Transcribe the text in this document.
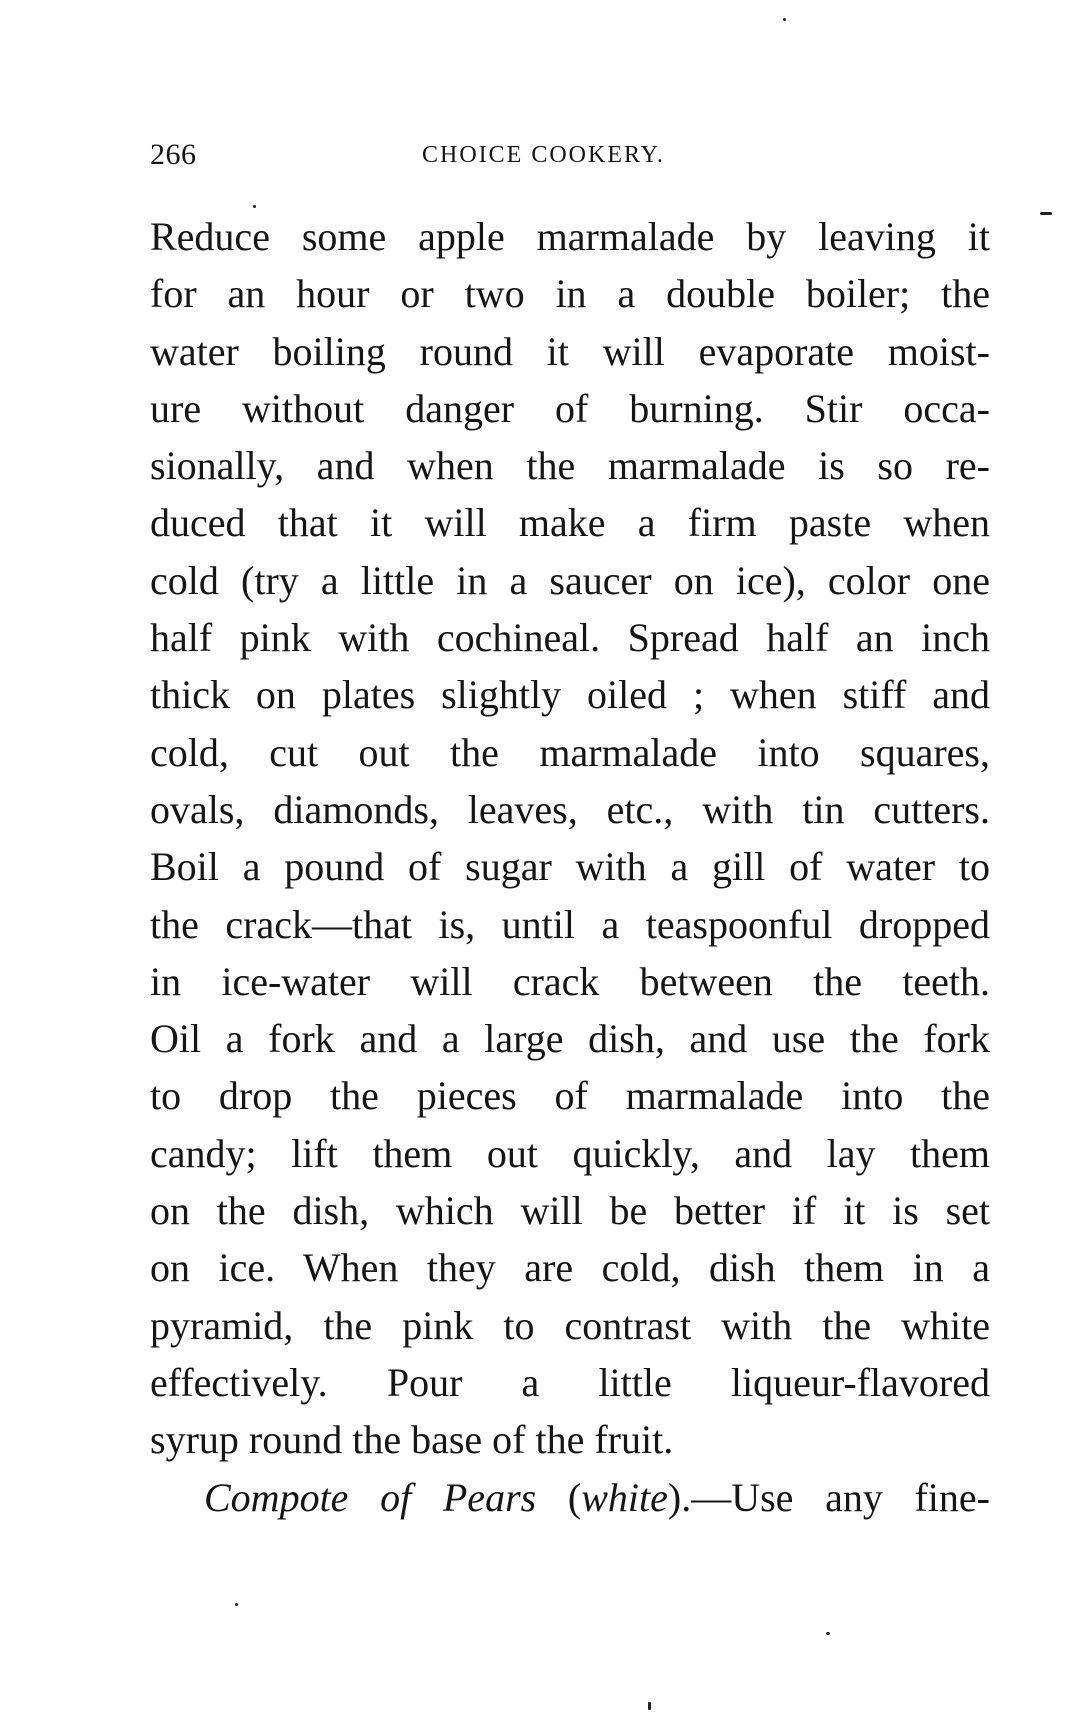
266	CHOICE COOKERY.
Reduce some apple marmalade by leaving it
for an hour or two in a double boiler; the
water boiling round it will evaporate moist-
ure without danger of burning. Stir occa-
sionally, and when the marmalade is so re-
duced that it will make a firm paste when
cold (try a little in a saucer on ice), color one
half pink with cochineal. Spread half an inch
thick on plates slightly oiled ; when stiff and
cold, cut out the marmalade into squares,
ovals, diamonds, leaves, etc., with tin cutters.
Boil a pound of sugar with a gill of water to
the crack—that is, until a teaspoonful dropped
in ice-water will crack between the teeth.
Oil a fork and a large dish, and use the fork
to drop the pieces of marmalade into the
candy; lift them out quickly, and lay them
on the dish, which will be better if it is set
on ice. When they are cold, dish them in a
pyramid, the pink to contrast with the white
effectively. Pour a little liqueur-flavored
syrup round the base of the fruit.
Compote of Pears (white).—Use any fine-
